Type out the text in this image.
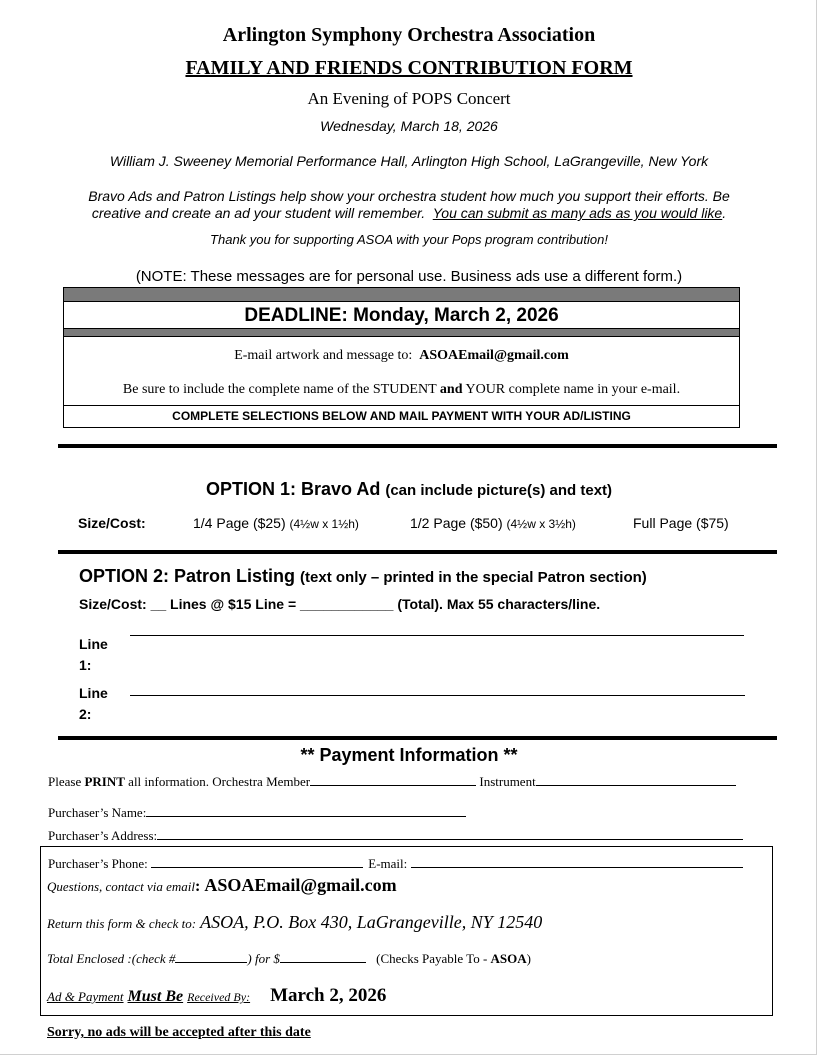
Arlington Symphony Orchestra Association
FAMILY AND FRIENDS CONTRIBUTION FORM
An Evening of POPS Concert
Wednesday, March 18, 2026
William J. Sweeney Memorial Performance Hall, Arlington High School, LaGrangeville, New York
Bravo Ads and Patron Listings help show your orchestra student how much you support their efforts. Be creative and create an ad your student will remember. You can submit as many ads as you would like.
Thank you for supporting ASOA with your Pops program contribution!
(NOTE: These messages are for personal use. Business ads use a different form.)
DEADLINE: Monday, March 2, 2026
E-mail artwork and message to: ASOAEmail@gmail.com
Be sure to include the complete name of the STUDENT and YOUR complete name in your e-mail.
COMPLETE SELECTIONS BELOW AND MAIL PAYMENT WITH YOUR AD/LISTING
OPTION 1: Bravo Ad (can include picture(s) and text)
Size/Cost:	1/4 Page ($25) (4½w x 1½h)	1/2 Page ($50) (4½w x 3½h)	Full Page ($75)
OPTION 2: Patron Listing (text only – printed in the special Patron section)
Size/Cost: __ Lines @ $15 Line = ____________ (Total). Max 55 characters/line.
Line
1:
Line
2:
** Payment Information **
Please PRINT all information. Orchestra Member	Instrument
Purchaser’s Name:
Purchaser’s Address:
Purchaser’s Phone:	E-mail:
Questions, contact via email: ASOAEmail@gmail.com
Return this form & check to: ASOA, P.O. Box 430, LaGrangeville, NY 12540
Total Enclosed :(check #	) for $	(Checks Payable To - ASOA)
Ad & Payment Must Be Received By: March 2, 2026
Sorry, no ads will be accepted after this date
